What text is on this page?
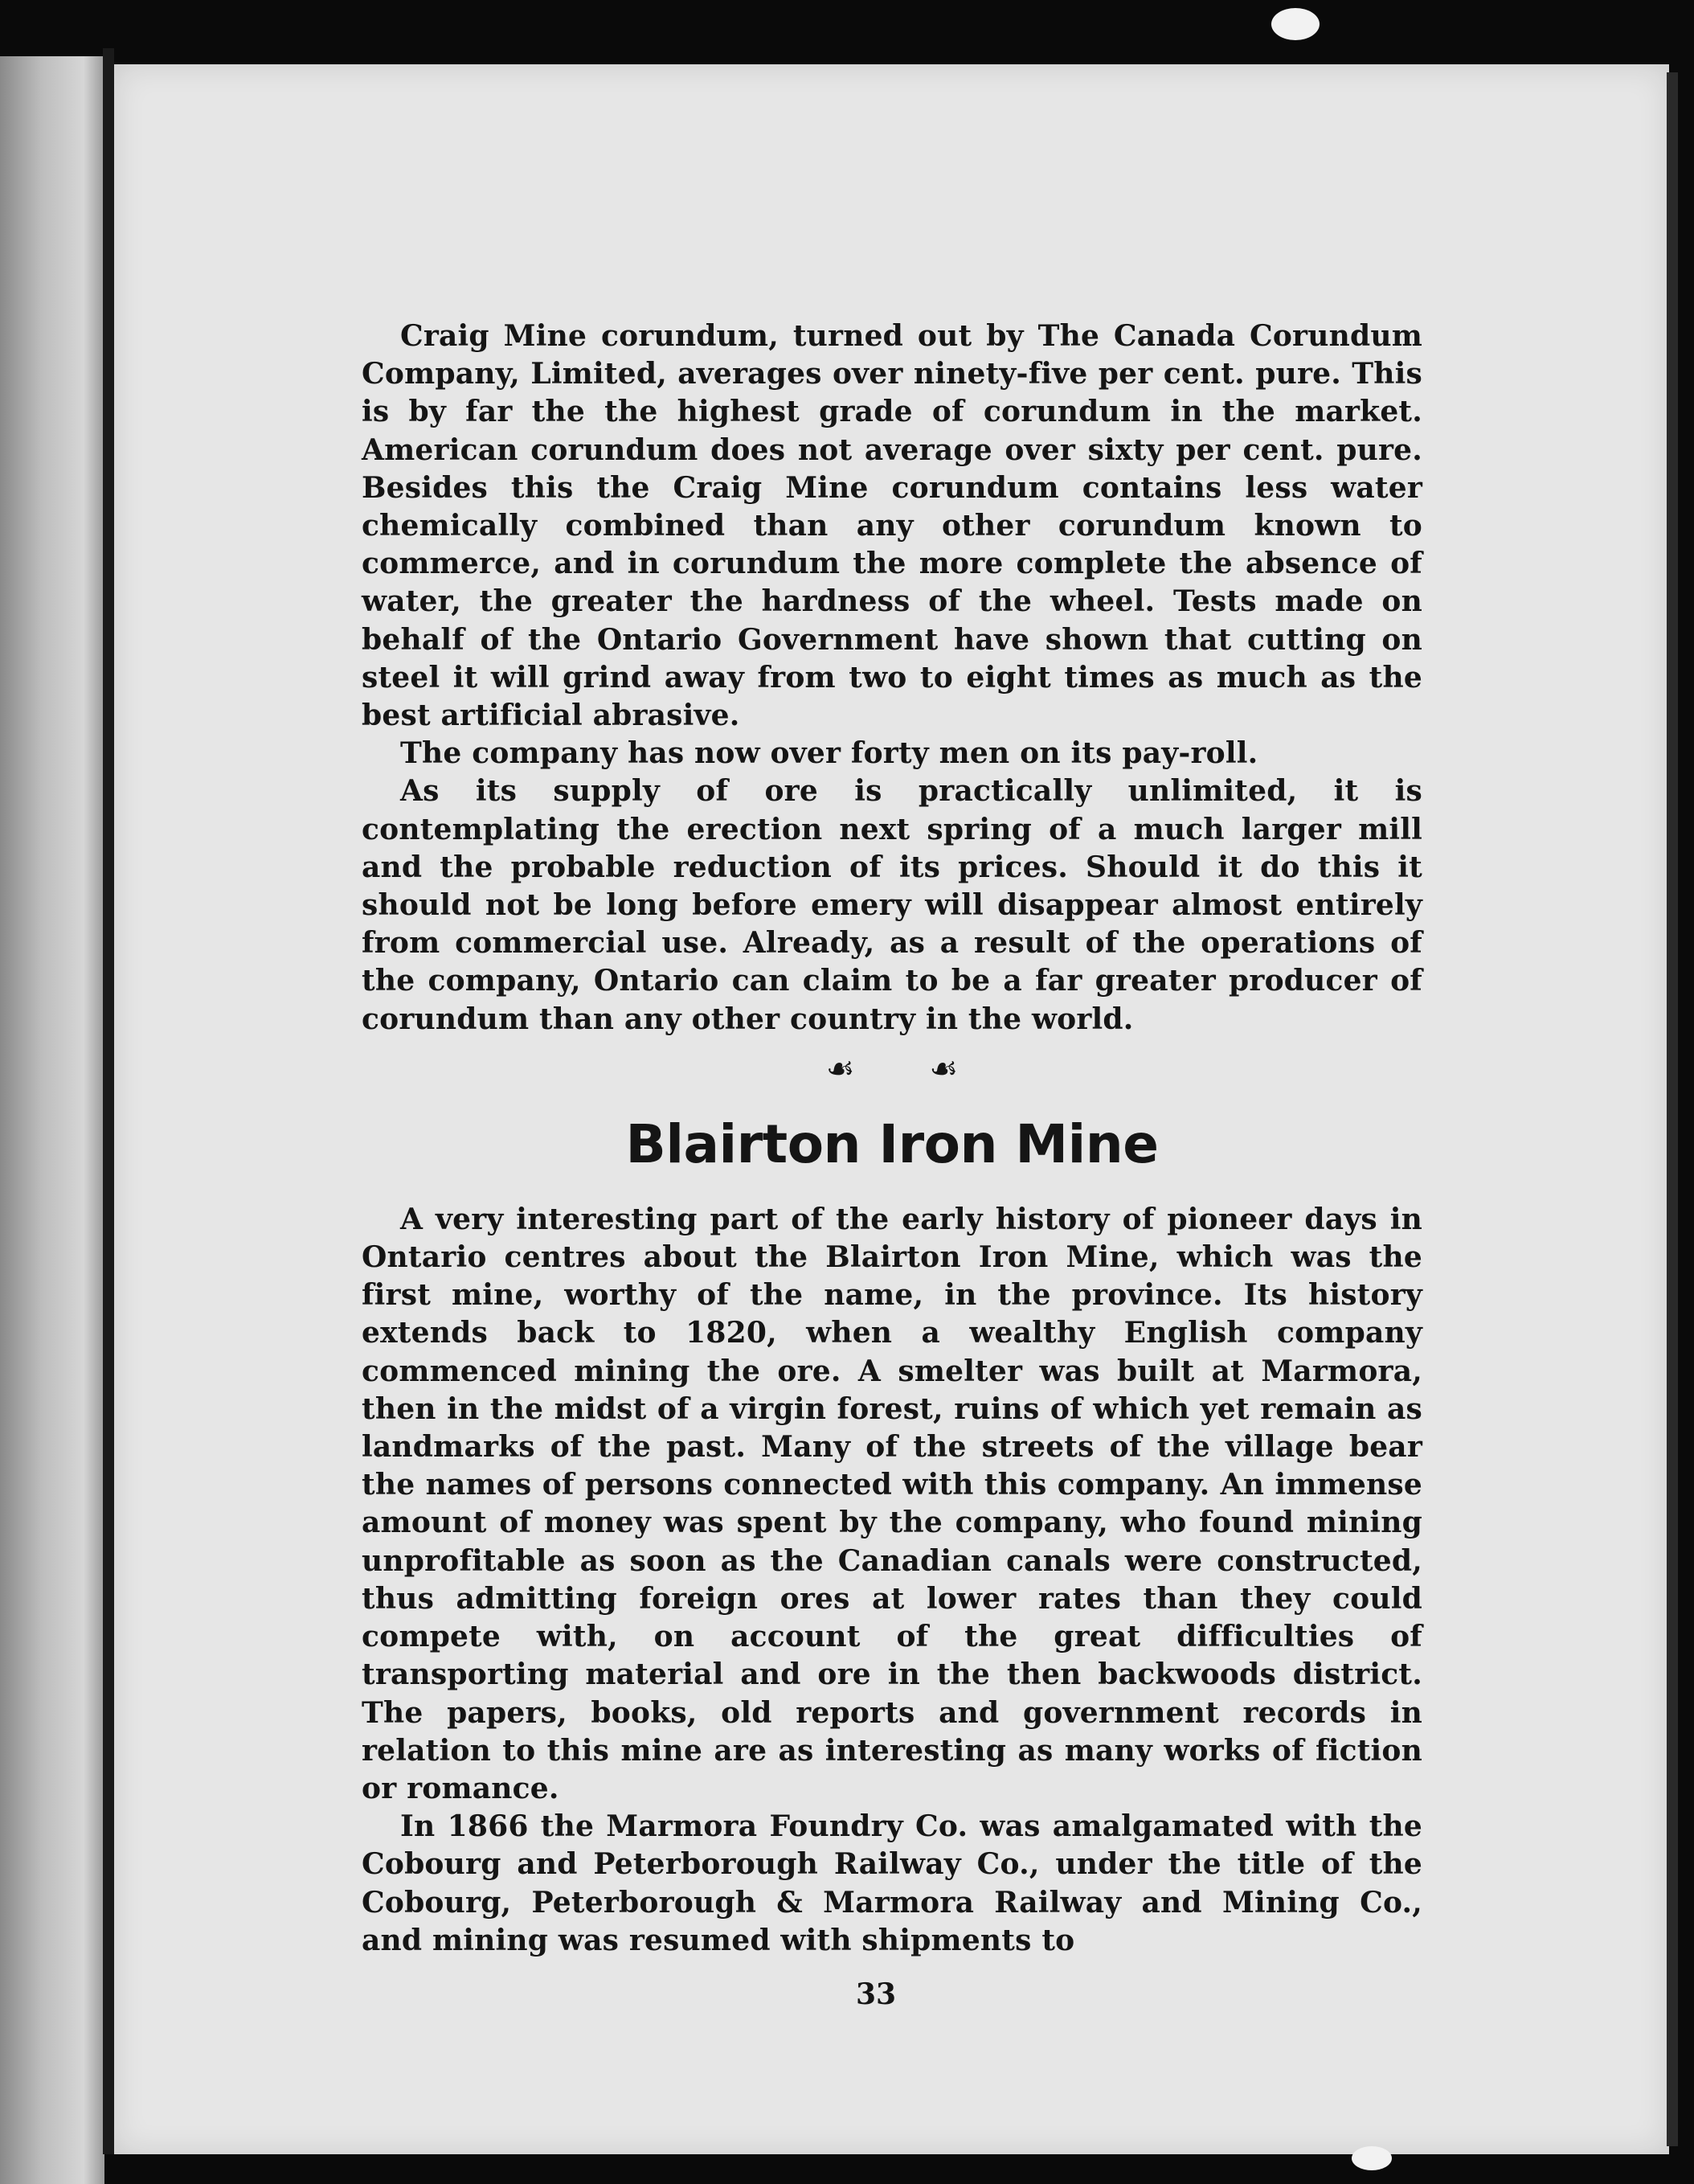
Craig Mine corundum, turned out by The Canada Corundum Company, Limited, averages over ninety-five per cent. pure. This is by far the the highest grade of corundum in the market. American corundum does not average over sixty per cent. pure. Besides this the Craig Mine corundum contains less water chemically combined than any other corundum known to commerce, and in corundum the more complete the absence of water, the greater the hardness of the wheel. Tests made on behalf of the Ontario Government have shown that cutting on steel it will grind away from two to eight times as much as the best artificial abrasive.

The company has now over forty men on its pay-roll.

As its supply of ore is practically unlimited, it is contemplating the erection next spring of a much larger mill and the probable reduction of its prices. Should it do this it should not be long before emery will disappear almost entirely from commercial use. Already, as a result of the operations of the company, Ontario can claim to be a far greater producer of corundum than any other country in the world.

☙ ☙
Blairton Iron Mine

A very interesting part of the early history of pioneer days in Ontario centres about the Blairton Iron Mine, which was the first mine, worthy of the name, in the province. Its history extends back to 1820, when a wealthy English company commenced mining the ore. A smelter was built at Marmora, then in the midst of a virgin forest, ruins of which yet remain as landmarks of the past. Many of the streets of the village bear the names of persons connected with this company. An immense amount of money was spent by the company, who found mining unprofitable as soon as the Canadian canals were constructed, thus admitting foreign ores at lower rates than they could compete with, on account of the great difficulties of transporting material and ore in the then backwoods district. The papers, books, old reports and government records in relation to this mine are as interesting as many works of fiction or romance.

In 1866 the Marmora Foundry Co. was amalgamated with the Cobourg and Peterborough Railway Co., under the title of the Cobourg, Peterborough & Marmora Railway and Mining Co., and mining was resumed with shipments to

33
